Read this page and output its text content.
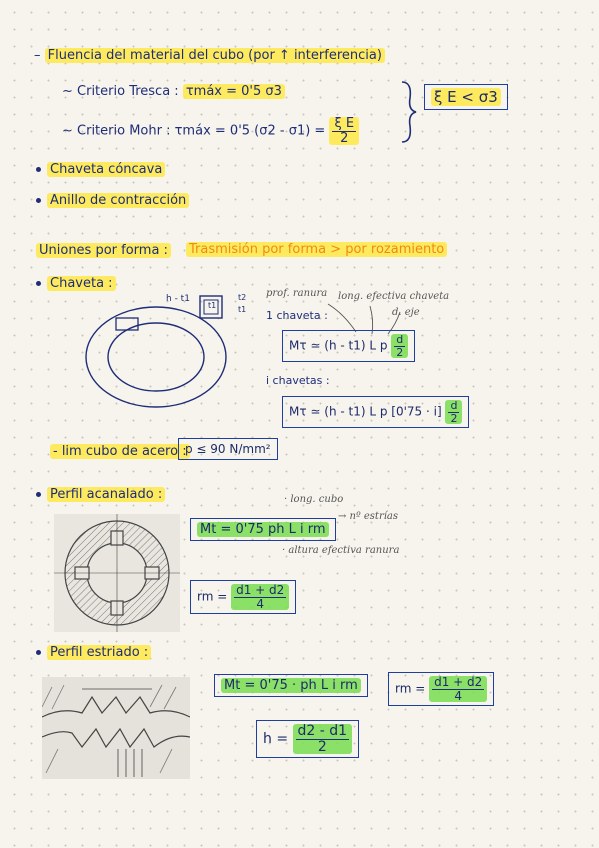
– Fluencia del material del cubo (por ↑ interferencia)
~ Criterio Tresca : τmáx = 0'5 σ3
~ Criterio Mohr : τmáx = 0'5 $(\sigma 2 - \sigma 1) = \frac{\text{ξ E}}{2}$
ξ E < σ3
Chaveta cóncava
Anillo de contracción
Uniones por forma : Trasmisión por forma > por rozamiento
Chaveta :
h - t1
t1
t2
t1
prof. ranura long. efectiva chaveta
d. eje
1 chaveta :
Mτ ≃ (h - t1) L p $\frac{d}{2}$
i chavetas :
Mτ ≃ (h - t1) L p $[0'75 \cdot i] \frac{d}{2}$
- lim cubo de acero :
p ≤ 90 N/mm²
Perfil acanalado :	· long. cubo
→ nº estrías
· altura efectiva ranura
Mt = 0'75 ph L i rm
rm = $\frac{d1 + d2}{4}$
Perfil estriado :
Mt = 0'75 · ph L i rm	rm = $\frac{d1 + d2}{4}$
$h = \frac{d2 - d1}{2}$
